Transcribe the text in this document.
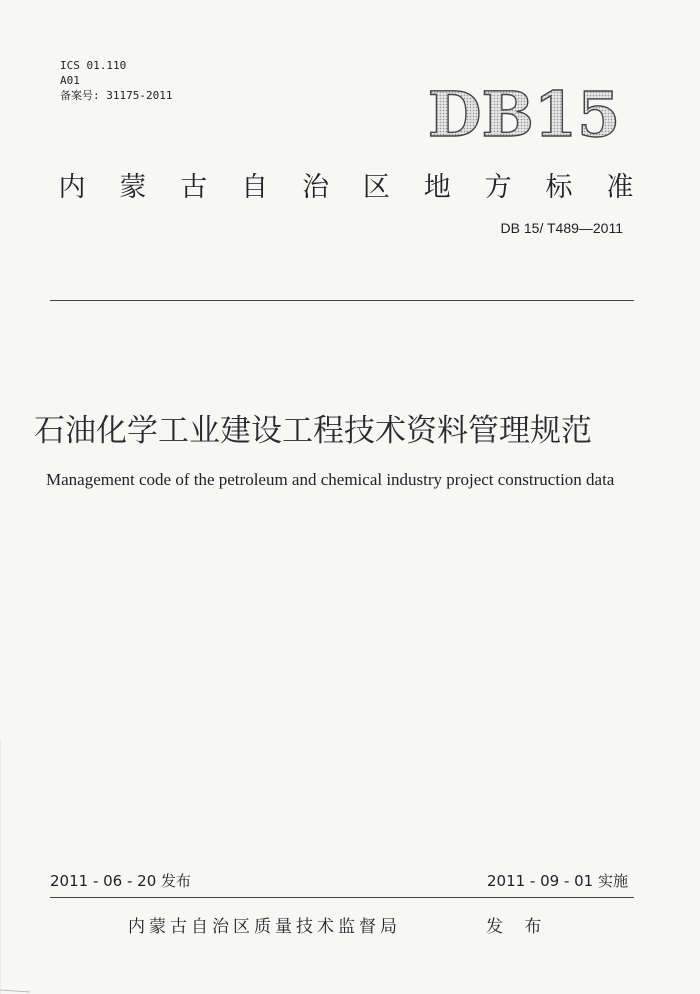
ICS 01.110
A01
备案号: 31175-2011	DB15
内	蒙	古	自	治	区	地	方	标	准
DB 15/ T489—2011
石油化学工业建设工程技术资料管理规范
Management code of the petroleum and chemical industry project construction data
2011 - 06 - 20 发布	2011 - 09 - 01 实施
内蒙古自治区质量技术监督局	发 布
